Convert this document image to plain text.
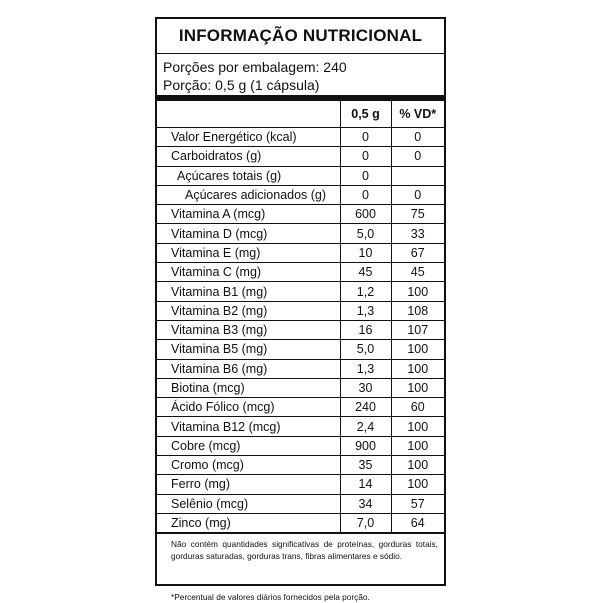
INFORMAÇÃO NUTRICIONAL
Porções por embalagem: 240
Porção: 0,5 g (1 cápsula)
	0,5 g	% VD*
Valor Energético (kcal)	0	0
Carboidratos (g)	0	0
Açúcares totais (g)	0	
Açúcares adicionados (g)	0	0
Vitamina A (mcg)	600	75
Vitamina D (mcg)	5,0	33
Vitamina E (mg)	10	67
Vitamina C (mg)	45	45
Vitamina B1 (mg)	1,2	100
Vitamina B2 (mg)	1,3	108
Vitamina B3 (mg)	16	107
Vitamina B5 (mg)	5,0	100
Vitamina B6 (mg)	1,3	100
Biotina (mcg)	30	100
Ácido Fólico (mcg)	240	60
Vitamina B12 (mcg)	2,4	100
Cobre (mcg)	900	100
Cromo (mcg)	35	100
Ferro (mg)	14	100
Selênio (mcg)	34	57
Zinco (mg)	7,0	64
Não contém quantidades significativas de proteínas, gorduras totais, gorduras saturadas, gorduras trans, fibras alimentares e sódio.
*Percentual de valores diários fornecidos pela porção.
